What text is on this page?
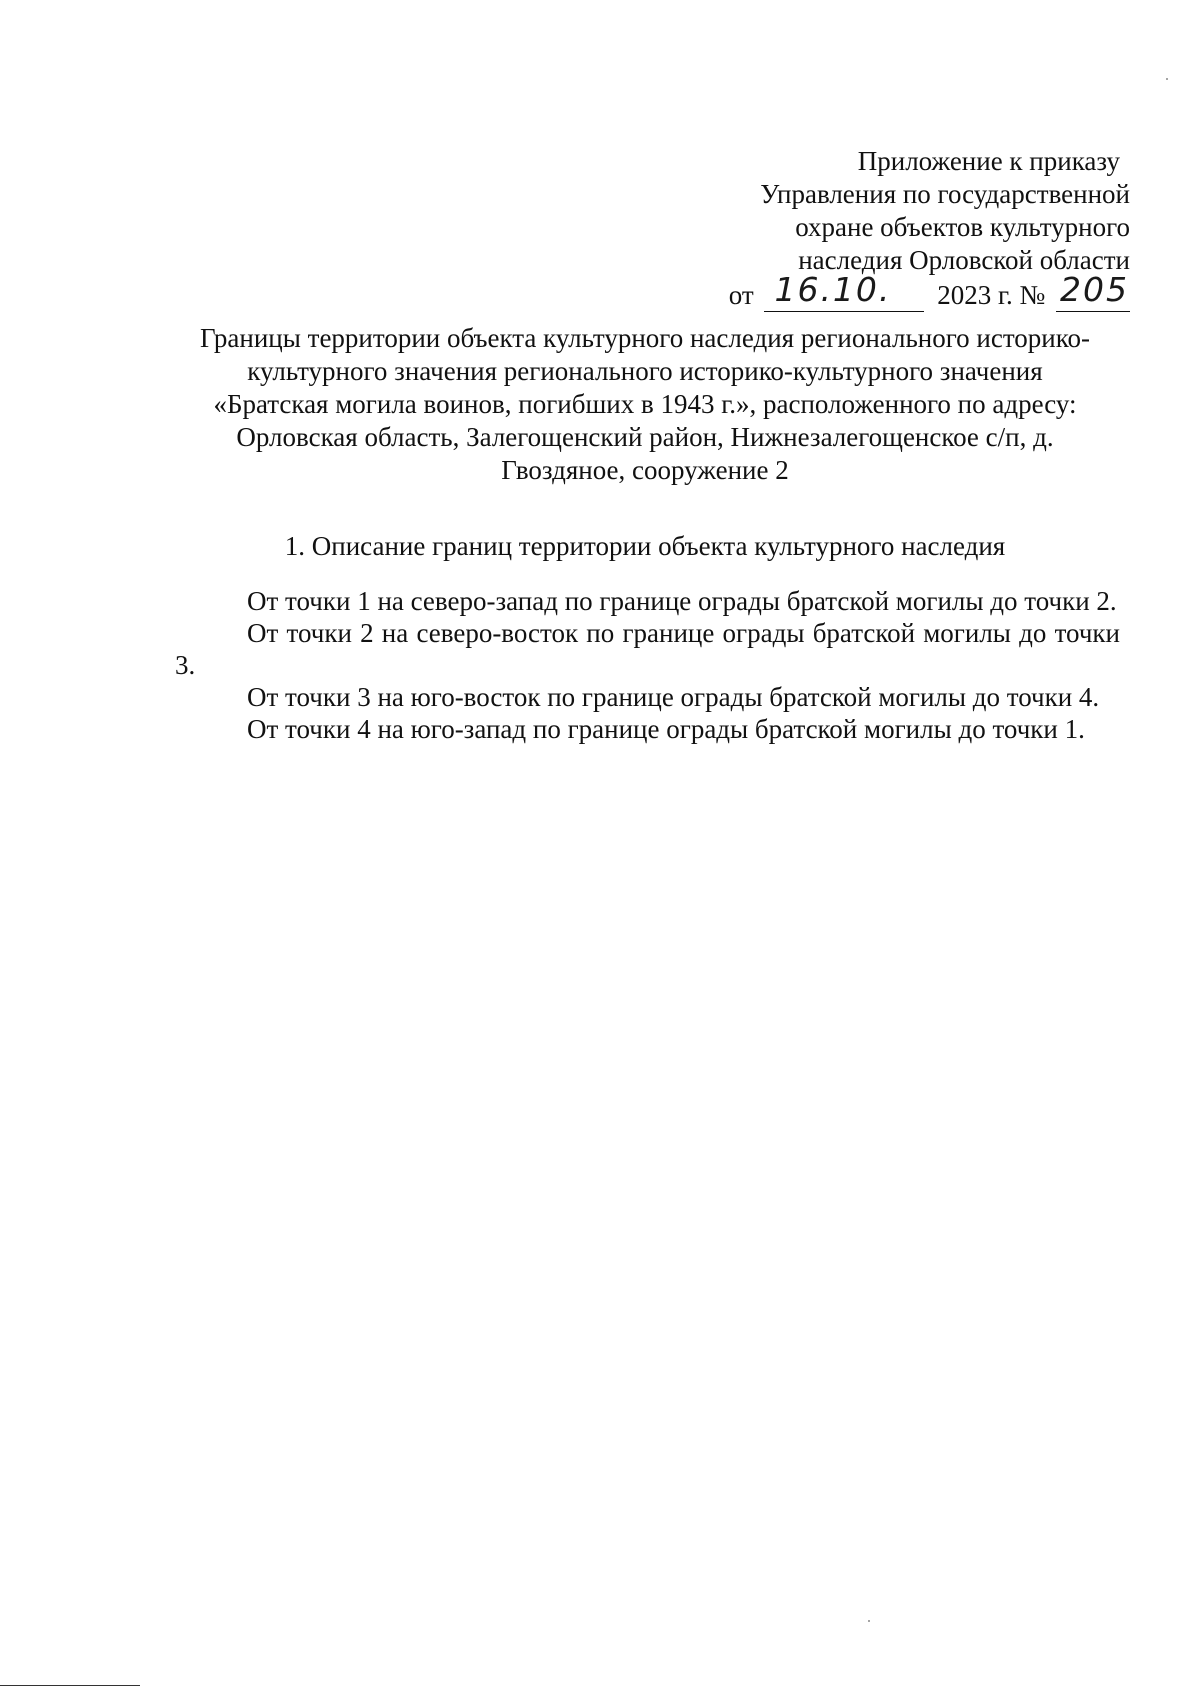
Приложение к приказу
Управления по государственной
охране объектов культурного
наследия Орловской области
от 16.10. 2023 г. № 205
Границы территории объекта культурного наследия регионального историко-
культурного значения регионального историко-культурного значения
«Братская могила воинов, погибших в 1943 г.», расположенного по адресу:
Орловская область, Залегощенский район, Нижнезалегощенское с/п, д.
Гвоздяное, сооружение 2
1. Описание границ территории объекта культурного наследия

От точки 1 на северо-запад по границе ограды братской могилы до точки 2.

От точки 2 на северо-восток по границе ограды братской могилы до точки 3.

От точки 3 на юго-восток по границе ограды братской могилы до точки 4.

От точки 4 на юго-запад по границе ограды братской могилы до точки 1.
